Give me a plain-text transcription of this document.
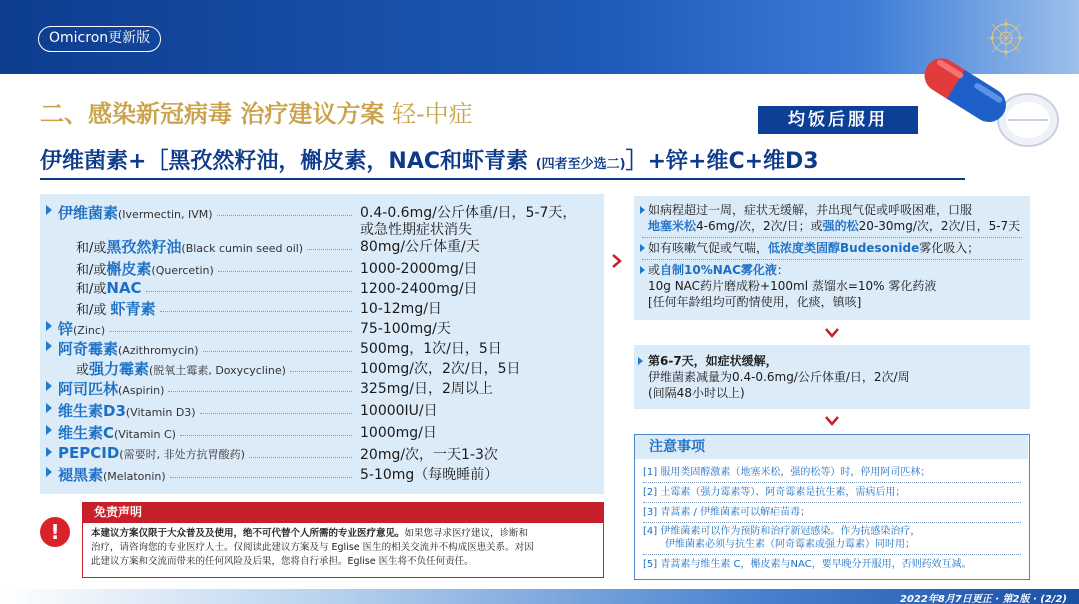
Omicron更新版
二、感染新冠病毒 治疗建议方案 轻-中症	均饭后服用
伊维菌素+［黑孜然籽油，槲皮素，NAC和虾青素 (四者至少选二)］+锌+维C+维D3
伊维菌素(Ivermectin, IVM)	0.4-0.6mg/公斤体重/日，5-7天，
或急性期症状消失
和/或黑孜然籽油(Black cumin seed oil)	80mg/公斤体重/天
和/或槲皮素(Quercetin)	1000-2000mg/日
和/或NAC	1200-2400mg/日
和/或 虾青素	10-12mg/日
锌(Zinc)	75-100mg/天
阿奇霉素(Azithromycin)	500mg，1次/日，5日
或强力霉素(脱氧土霉素, Doxycycline)	100mg/次，2次/日，5日
阿司匹林(Aspirin)	325mg/日，2周以上
维生素D3(Vitamin D3)	10000IU/日
维生素C(Vitamin C)	1000mg/日
PEPCID(需要时, 非处方抗胃酸药)	20mg/次，一天1-3次
褪黑素(Melatonin)	5-10mg（每晚睡前）
!
免责声明
本建议方案仅限于大众普及及使用，绝不可代替个人所需的专业医疗意见。如果您寻求医疗建议，诊断和
治疗，请咨询您的专业医疗人士。仅阅读此建议方案及与 Eglise 医生的相关交流并不构成医患关系。对因
此建议方案和交流而带来的任何风险及后果，您将自行承担。Eglise 医生将不负任何责任。
如病程超过一周，症状无缓解，并出现气促或呼吸困难，口服
地塞米松4-6mg/次，2次/日；或强的松20-30mg/次，2次/日，5-7天
如有咳嗽气促或气喘，低浓度类固醇Budesonide雾化吸入；
或自制10%NAC雾化液：
10g NAC药片磨成粉+100ml 蒸馏水=10% 雾化药液
[任何年龄组均可酌情使用，化痰，镇咳]
第6-7天，如症状缓解，
伊维菌素减量为0.4-0.6mg/公斤体重/日，2次/周
(间隔48小时以上)
注意事项
[1] 服用类固醇激素（地塞米松，强的松等）时，停用阿司匹林；
[2] 土霉素（强力霉素等）、阿奇霉素是抗生素，需病后用；
[3] 青蒿素 / 伊维菌素可以解疟苗毒；
[4] 伊维菌素可以作为预防和治疗新冠感染。作为抗感染治疗，
伊维菌素必须与抗生素（阿奇霉素或强力霉素）同时用；
[5] 青蒿素与维生素 C，槲皮素与NAC，要早晚分开服用，否则药效互减。
2022年8月7日更正 · 第2版 · (2/2)
